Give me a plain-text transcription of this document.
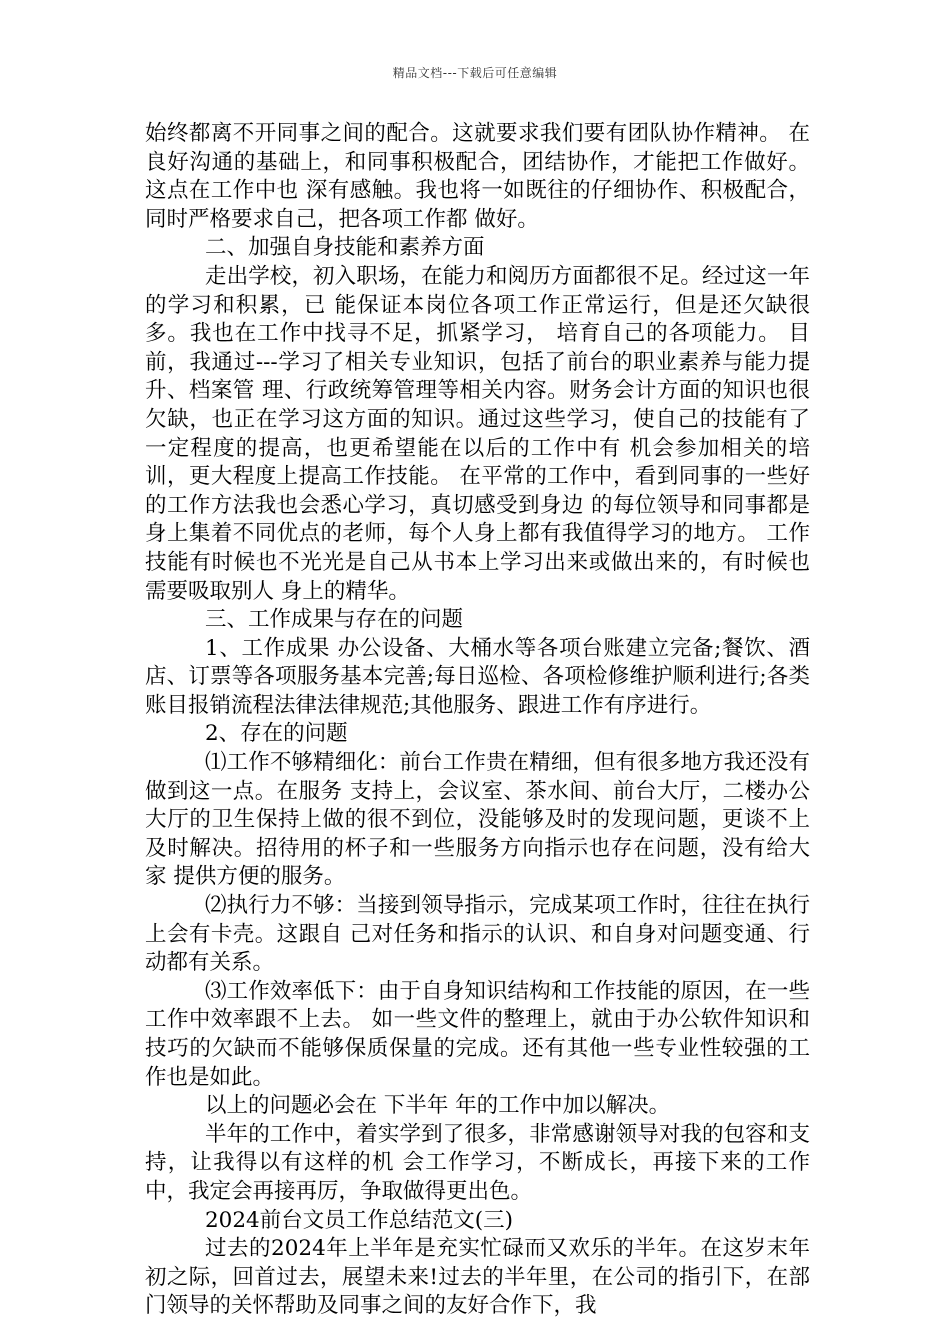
精品文档---下载后可任意编辑

始终都离不开同事之间的配合。这就要求我们要有团队协作精神。 在良好沟通的基础上，和同事积极配合，团结协作，才能把工作做好。这点在工作中也 深有感触。我也将一如既往的仔细协作、积极配合，同时严格要求自己，把各项工作都 做好。

二、加强自身技能和素养方面

走出学校，初入职场，在能力和阅历方面都很不足。经过这一年的学习和积累，已 能保证本岗位各项工作正常运行，但是还欠缺很多。我也在工作中找寻不足，抓紧学习， 培育自己的各项能力。 目前，我通过---学习了相关专业知识，包括了前台的职业素养与能力提升、档案管 理、行政统筹管理等相关内容。财务会计方面的知识也很欠缺，也正在学习这方面的知识。通过这些学习，使自己的技能有了一定程度的提高，也更希望能在以后的工作中有 机会参加相关的培训，更大程度上提高工作技能。 在平常的工作中，看到同事的一些好的工作方法我也会悉心学习，真切感受到身边 的每位领导和同事都是身上集着不同优点的老师，每个人身上都有我值得学习的地方。 工作技能有时候也不光光是自己从书本上学习出来或做出来的，有时候也需要吸取别人 身上的精华。

三、工作成果与存在的问题

1、工作成果 办公设备、大桶水等各项台账建立完备;餐饮、酒店、订票等各项服务基本完善;每日巡检、各项检修维护顺利进行;各类账目报销流程法律法律规范;其他服务、跟进工作有序进行。

2、存在的问题

⑴工作不够精细化：前台工作贵在精细，但有很多地方我还没有做到这一点。在服务 支持上，会议室、茶水间、前台大厅，二楼办公大厅的卫生保持上做的很不到位，没能够及时的发现问题，更谈不上及时解决。招待用的杯子和一些服务方向指示也存在问题，没有给大家 提供方便的服务。

⑵执行力不够：当接到领导指示，完成某项工作时，往往在执行上会有卡壳。这跟自 己对任务和指示的认识、和自身对问题变通、行动都有关系。

⑶工作效率低下：由于自身知识结构和工作技能的原因，在一些工作中效率跟不上去。 如一些文件的整理上，就由于办公软件知识和技巧的欠缺而不能够保质保量的完成。还有其他一些专业性较强的工作也是如此。

以上的问题必会在 下半年 年的工作中加以解决。

半年的工作中，着实学到了很多，非常感谢领导对我的包容和支持，让我得以有这样的机 会工作学习，不断成长，再接下来的工作中，我定会再接再厉，争取做得更出色。

2024前台文员工作总结范文(三)

过去的2024年上半年是充实忙碌而又欢乐的半年。在这岁末年初之际，回首过去，展望未来!过去的半年里，在公司的指引下，在部门领导的关怀帮助及同事之间的友好合作下，我
